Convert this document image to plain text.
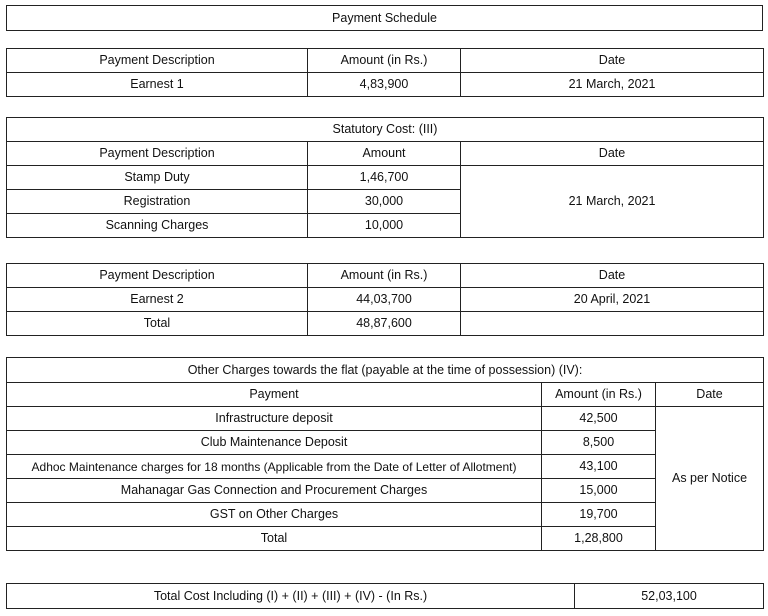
Payment Schedule
Payment Description	Amount (in Rs.)	Date
Earnest 1	4,83,900	21 March, 2021
Statutory Cost: (III)		
Payment Description	Amount	Date
Stamp Duty	1,46,700	21 March, 2021
Registration	30,000	
Scanning Charges	10,000	
Payment Description	Amount (in Rs.)	Date
Earnest 2	44,03,700	20 April, 2021
Total	48,87,600	
Other Charges towards the flat (payable at the time of possession) (IV):		
Payment	Amount (in Rs.)	Date
Infrastructure deposit	42,500	As per Notice
Club Maintenance Deposit	8,500	
Adhoc Maintenance charges for 18 months (Applicable from the Date of Letter of Allotment)	43,100	
Mahanagar Gas Connection and Procurement Charges	15,000	
GST on Other Charges	19,700	
Total	1,28,800	
Total Cost Including (I) + (II) + (III) + (IV) - (In Rs.)	52,03,100
